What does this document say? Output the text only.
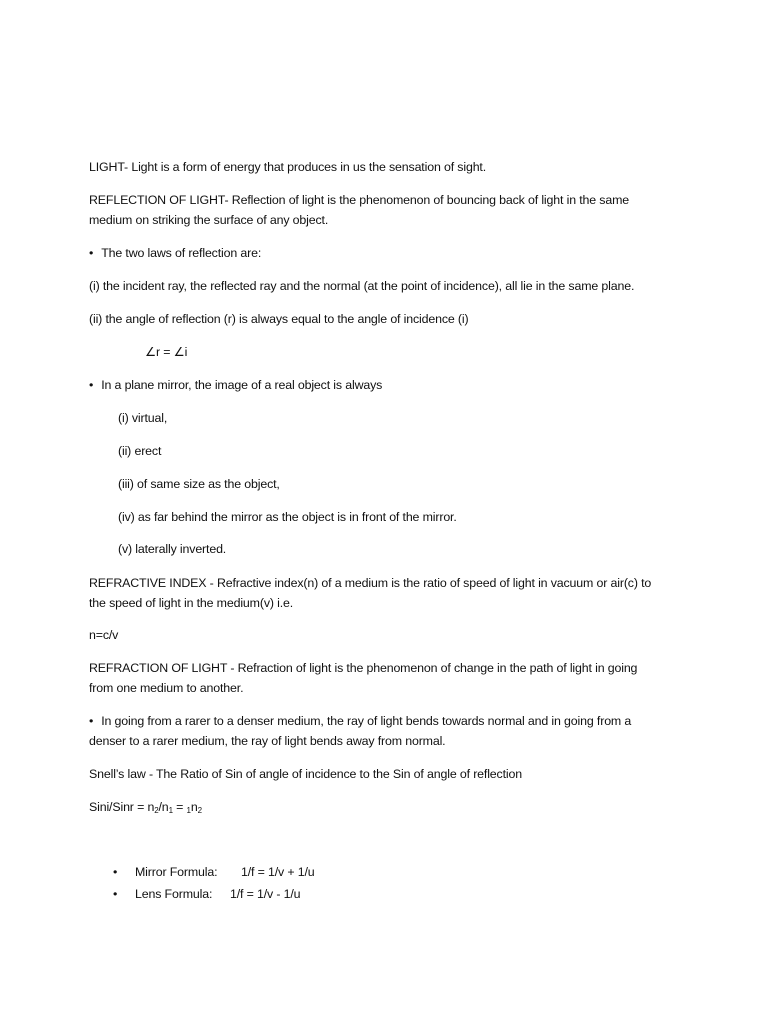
LIGHT- Light is a form of energy that produces in us the sensation of sight.
REFLECTION OF LIGHT- Reflection of light is the phenomenon of bouncing back of light in the same
medium on striking the surface of any object.
• The two laws of reflection are:
(i) the incident ray, the reflected ray and the normal (at the point of incidence), all lie in the same plane.
(ii) the angle of reflection (r) is always equal to the angle of incidence (i)
∠r = ∠i
• In a plane mirror, the image of a real object is always
(i) virtual,
(ii) erect
(iii) of same size as the object,
(iv) as far behind the mirror as the object is in front of the mirror.
(v) laterally inverted.
REFRACTIVE INDEX - Refractive index(n) of a medium is the ratio of speed of light in vacuum or air(c) to
the speed of light in the medium(v) i.e.
n=c/v
REFRACTION OF LIGHT - Refraction of light is the phenomenon of change in the path of light in going
from one medium to another.
• In going from a rarer to a denser medium, the ray of light bends towards normal and in going from a
denser to a rarer medium, the ray of light bends away from normal.
Snell’s law - The Ratio of Sin of angle of incidence to the Sin of angle of reflection
Sini/Sinr = $n_2/n_1 = _1n_2$
• Mirror Formula: 1/f = 1/v + 1/u
• Lens Formula: 1/f = 1/v - 1/u
